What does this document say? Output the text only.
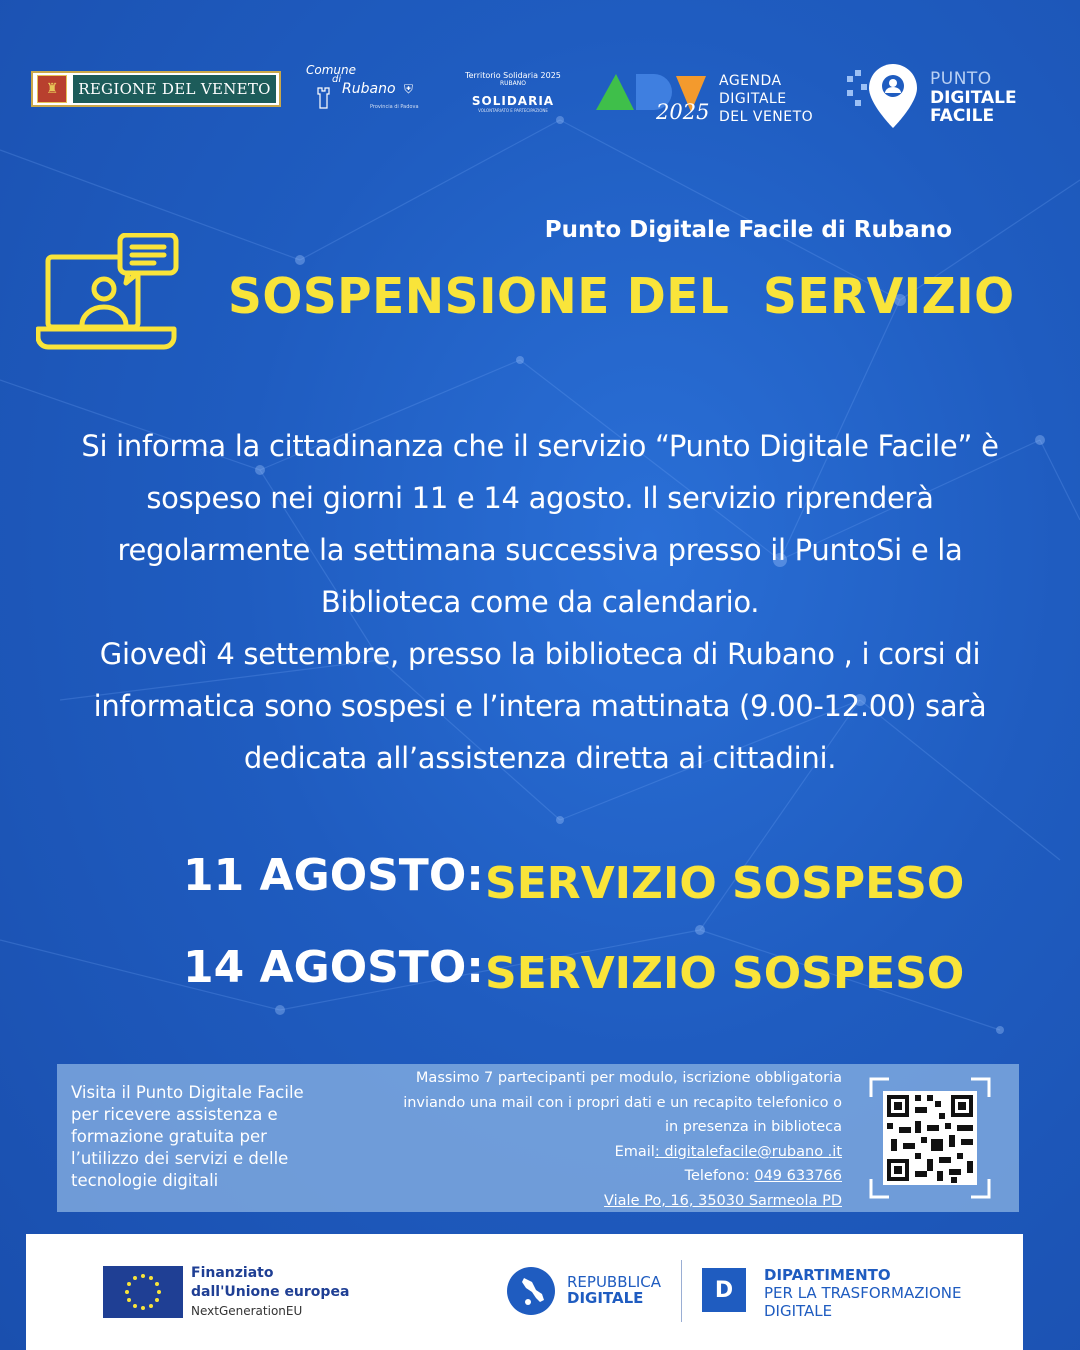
♜	REGIONE DEL VENETO
Comune
di
Rubano
Provincia di Padova
⛨
Territorio Solidaria 2025
RUBANO
SOLIDARIA
VOLONTARIATO E PARTECIPAZIONE	2025
AGENDA
DIGITALE
DEL VENETO
PUNTO
DIGITALE
FACILE
Punto Digitale Facile di Rubano
SOSPENSIONE DEL  SERVIZIO
Si informa la cittadinanza che il servizio “Punto Digitale Facile” è
sospeso nei giorni 11 e 14 agosto. Il servizio riprenderà
regolarmente la settimana successiva presso il PuntoSi e la
Biblioteca come da calendario.
Giovedì 4 settembre, presso la biblioteca di Rubano , i corsi di
informatica sono sospesi e l’intera mattinata (9.00-12.00) sarà
dedicata all’assistenza diretta ai cittadini.
11 AGOSTO: SERVIZIO SOSPESO
14 AGOSTO: SERVIZIO SOSPESO
Visita il Punto Digitale Facile
per ricevere assistenza e
formazione gratuita per
l’utilizzo dei servizi e delle
tecnologie digitali
Massimo 7 partecipanti per modulo, iscrizione obbligatoria
inviando una mail con i propri dati e un recapito telefonico o
in presenza in biblioteca
Email: digitalefacile@rubano .it
Telefono: 049 633766
Viale Po, 16, 35030 Sarmeola PD
Finanziato
dall'Unione europea
NextGenerationEU
REPUBBLICA
DIGITALE	D
DIPARTIMENTO
PER LA TRASFORMAZIONE
DIGITALE
